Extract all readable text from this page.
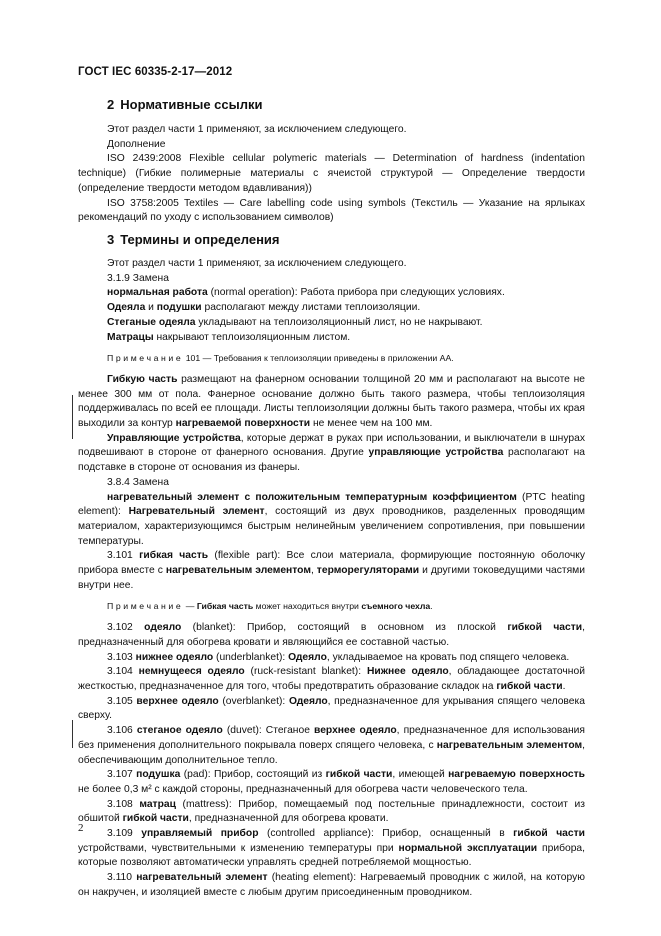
ГОСТ IEC 60335-2-17—2012
2 Нормативные ссылки

Этот раздел части 1 применяют, за исключением следующего.

Дополнение

ISO 2439:2008 Flexible cellular polymeric materials — Determination of hardness (indentation technique) (Гибкие полимерные материалы с ячеистой структурой — Определение твердости (определение твердости методом вдавливания))

ISO 3758:2005 Textiles — Care labelling code using symbols (Текстиль — Указание на ярлыках рекомендаций по уходу с использованием символов)

3 Термины и определения

Этот раздел части 1 применяют, за исключением следующего.

3.1.9 Замена

нормальная работа (normal operation): Работа прибора при следующих условиях.

Одеяла и подушки располагают между листами теплоизоляции.

Стеганые одеяла укладывают на теплоизоляционный лист, но не накрывают.

Матрацы накрывают теплоизоляционным листом.

Примечание 101 — Требования к теплоизоляции приведены в приложении АА.

Гибкую часть размещают на фанерном основании толщиной 20 мм и располагают на высоте не менее 300 мм от пола. Фанерное основание должно быть такого размера, чтобы теплоизоляция поддерживалась по всей ее площади. Листы теплоизоляции должны быть такого размера, чтобы их края выходили за контур нагреваемой поверхности не менее чем на 100 мм.

Управляющие устройства, которые держат в руках при использовании, и выключатели в шнурах подвешивают в стороне от фанерного основания. Другие управляющие устройства располагают на подставке в стороне от основания из фанеры.

3.8.4 Замена

нагревательный элемент с положительным температурным коэффициентом (PTC heating element): Нагревательный элемент, состоящий из двух проводников, разделенных проводящим материалом, характеризующимся быстрым нелинейным увеличением сопротивления, при повышении температуры.

3.101 гибкая часть (flexible part): Все слои материала, формирующие постоянную оболочку прибора вместе с нагревательным элементом, терморегуляторами и другими токоведущими частями внутри нее.

Примечание — Гибкая часть может находиться внутри съемного чехла.

3.102 одеяло (blanket): Прибор, состоящий в основном из плоской гибкой части, предназначенный для обогрева кровати и являющийся ее составной частью.

3.103 нижнее одеяло (underblanket): Одеяло, укладываемое на кровать под спящего человека.

3.104 немнущееся одеяло (ruck-resistant blanket): Нижнее одеяло, обладающее достаточной жесткостью, предназначенное для того, чтобы предотвратить образование складок на гибкой части.

3.105 верхнее одеяло (overblanket): Одеяло, предназначенное для укрывания спящего человека сверху.

3.106 стеганое одеяло (duvet): Стеганое верхнее одеяло, предназначенное для использования без применения дополнительного покрывала поверх спящего человека, с нагревательным элементом, обеспечивающим дополнительное тепло.

3.107 подушка (pad): Прибор, состоящий из гибкой части, имеющей нагреваемую поверхность не более 0,3 м² с каждой стороны, предназначенный для обогрева части человеческого тела.

3.108 матрац (mattress): Прибор, помещаемый под постельные принадлежности, состоит из обшитой гибкой части, предназначенной для обогрева кровати.

3.109 управляемый прибор (controlled appliance): Прибор, оснащенный в гибкой части устройствами, чувствительными к изменению температуры при нормальной эксплуатации прибора, которые позволяют автоматически управлять средней потребляемой мощностью.

3.110 нагревательный элемент (heating element): Нагреваемый проводник с жилой, на которую он накручен, и изоляцией вместе с любым другим присоединенным проводником.

2
